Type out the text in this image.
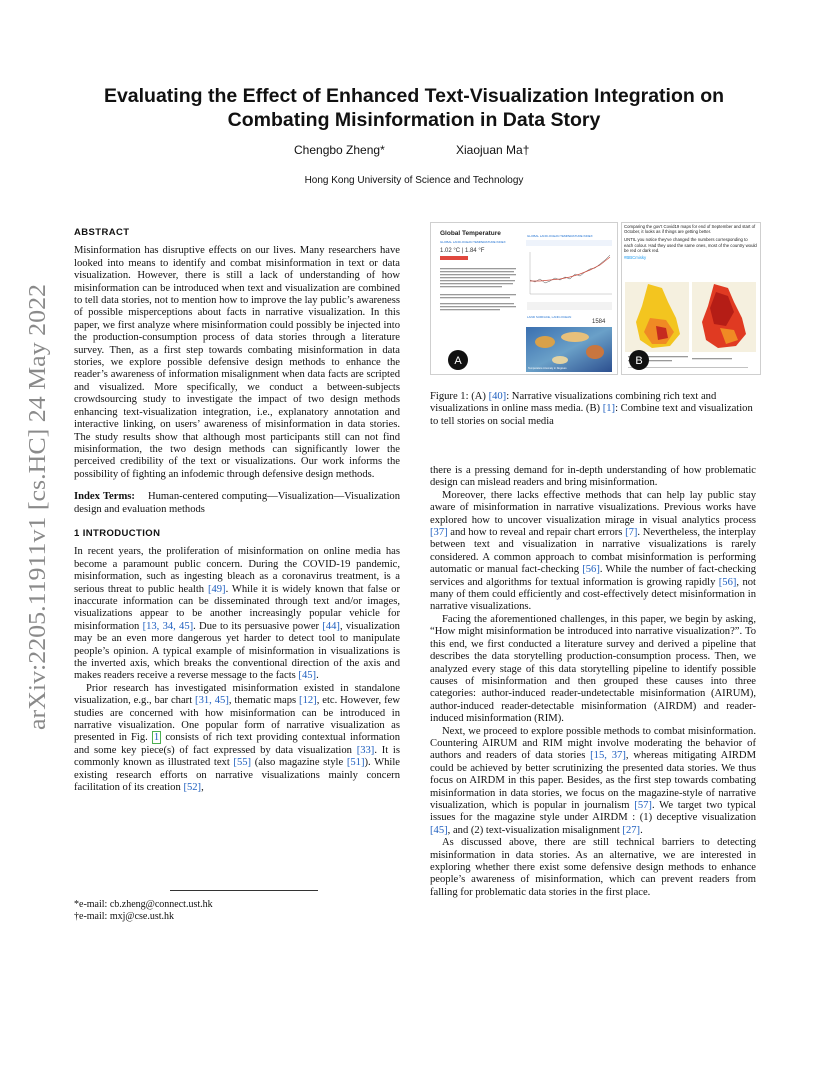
arXiv:2205.11911v1 [cs.HC] 24 May 2022
Evaluating the Effect of Enhanced Text-Visualization Integration on
Combating Misinformation in Data Story
Chengbo Zheng*	Xiaojuan Ma†
Hong Kong University of Science and Technology
ABSTRACT

Misinformation has disruptive effects on our lives. Many researchers have looked into means to identify and combat misinformation in text or data visualization. However, there is still a lack of understanding of how misinformation can be introduced when text and visualization are combined to tell data stories, not to mention how to improve the lay public’s awareness of possible misperceptions about facts in narrative visualization. In this paper, we first analyze where misinformation could possibly be injected into the production-consumption process of data stories through a literature survey. Then, as a first step towards combating misinformation in data stories, we explore possible defensive design methods to enhance the reader’s awareness of information misalignment when data facts are scripted and visualized. More specifically, we conduct a between-subjects crowdsourcing study to investigate the impact of two design methods enhancing text-visualization integration, i.e., explanatory annotation and interactive linking, on users’ awareness of misinformation in data stories. The study results show that although most participants still can not find misinformation, the two design methods can significantly lower the perceived credibility of the text or visualizations. Our work informs the possibility of fighting an infodemic through defensive design methods.

Index Terms: Human-centered computing—Visualization—Visualization design and evaluation methods

1 INTRODUCTION

In recent years, the proliferation of misinformation on online media has become a paramount public concern. During the COVID-19 pandemic, misinformation, such as ingesting bleach as a coronavirus treatment, is a serious threat to public health [49]. While it is widely known that false or inaccurate information can be disseminated through text and/or images, visualizations appear to be another increasingly popular vehicle for misinformation [13, 34, 45]. Due to its persuasive power [44], visualization may be an even more dangerous yet harder to detect tool to manipulate people’s opinion. A typical example of misinformation in visualizations is the inverted axis, which breaks the conventional direction of the axis and makes readers receive a reverse message to the facts [45].

Prior research has investigated misinformation existed in standalone visualization, e.g., bar chart [31, 45], thematic maps [12], etc. However, few studies are concerned with how misinformation can be introduced in narrative visualization. One popular form of narrative visualization as presented in Fig. 1 consists of rich text providing contextual information and some key piece(s) of fact expressed by data visualization [33]. It is commonly known as illustrated text [55] (also magazine style [51]). While existing research efforts on narrative visualizations mainly concern facilitation of its creation [52],

*e-mail: cb.zheng@connect.ust.hk
†e-mail: mxj@cse.ust.hk
Global Temperature
GLOBAL LAND-OCEAN TEMPERATURE INDEX
1.02 °C | 1.84 °F
GLOBAL LAND-OCEAN TEMPERATURE INDEX
LAND SURFACE, LAND-OCEAN
1584
Temperature Anomaly in Degrees
A
Comparing the gov't Covid19 maps for end of September and start of October, it looks as if things are getting better.
UNTIL you notice they've changed the numbers corresponding to each colour. Had they used the same ones, most of the country would be red or dark red.
#BBCmisky
B
Figure 1: (A) [40]: Narrative visualizations combining rich text and visualizations in online mass media. (B) [1]: Combine text and visualization to tell stories on social media

there is a pressing demand for in-depth understanding of how problematic design can mislead readers and bring misinformation.

Moreover, there lacks effective methods that can help lay public stay aware of misinformation in narrative visualizations. Previous works have explored how to uncover visualization mirage in visual analytics process [37] and how to reveal and repair chart errors [7]. Nevertheless, the interplay between text and visualization in narrative visualizations is rarely considered. A common approach to combat misinformation is performing automatic or manual fact-checking [56]. While the number of fact-checking services and algorithms for textual information is growing rapidly [56], not many of them could efficiently and cost-effectively detect misinformation in narrative visualizations.

Facing the aforementioned challenges, in this paper, we begin by asking, “How might misinformation be introduced into narrative visualization?”. To this end, we first conducted a literature survey and derived a pipeline that describes the data storytelling production-consumption process. Then, we analyzed every stage of this data storytelling pipeline to identify possible causes of misinformation and then grouped these causes into three categories: author-induced reader-undetectable misinformation (AIRUM), author-induced reader-detectable misinformation (AIRDM) and reader-induced misinformation (RIM).

Next, we proceed to explore possible methods to combat misinformation. Countering AIRUM and RIM might involve moderating the behavior of authors and readers of data stories [15, 37], whereas mitigating AIRDM could be achieved by better scrutinizing the presented data stories. We thus focus on AIRDM in this paper. Besides, as the first step towards combating misinformation in data stories, we focus on the magazine-style of narrative visualization, which is popular in journalism [57]. We target two typical issues for the magazine style under AIRDM : (1) deceptive visualization [45], and (2) text-visualization misalignment [27].

As discussed above, there are still technical barriers to detecting misinformation in data stories. As an alternative, we are interested in exploring whether there exist some defensive design methods to enhance people’s awareness of misinformation, which can prevent readers from falling for problematic data stories in the first place.
